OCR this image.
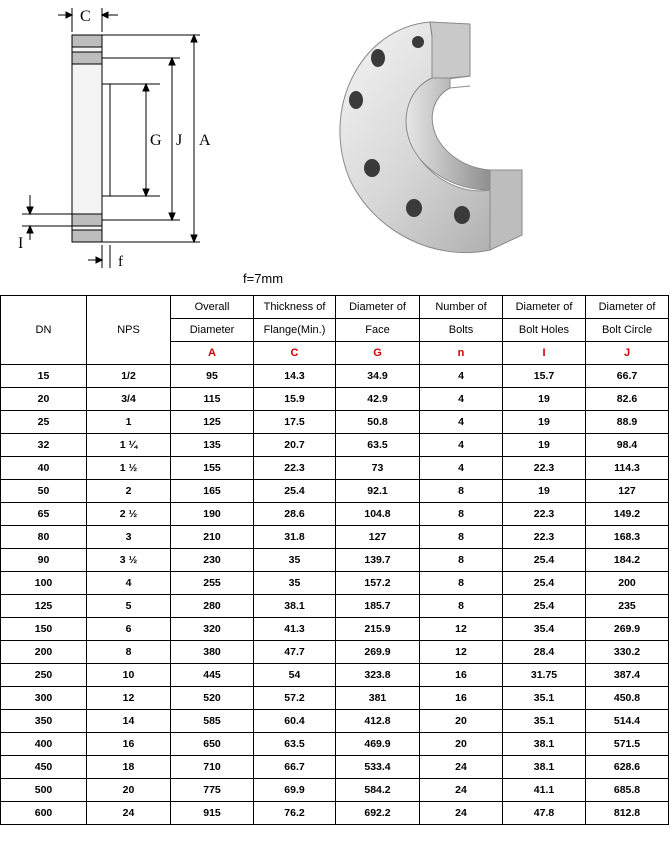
C
G J A
I
f
f=7mm
DN	NPS	Overall	Thickness of	Diameter of	Number of	Diameter of	Diameter of
		Diameter	Flange(Min.)	Face	Bolts	Bolt Holes	Bolt Circle
		A	C	G	n	I	J
15	1/2	95	14.3	34.9	4	15.7	66.7
20	3/4	115	15.9	42.9	4	19	82.6
25	1	125	17.5	50.8	4	19	88.9
32	1 ¼	135	20.7	63.5	4	19	98.4
40	1 ½	155	22.3	73	4	22.3	114.3
50	2	165	25.4	92.1	8	19	127
65	2 ½	190	28.6	104.8	8	22.3	149.2
80	3	210	31.8	127	8	22.3	168.3
90	3 ½	230	35	139.7	8	25.4	184.2
100	4	255	35	157.2	8	25.4	200
125	5	280	38.1	185.7	8	25.4	235
150	6	320	41.3	215.9	12	35.4	269.9
200	8	380	47.7	269.9	12	28.4	330.2
250	10	445	54	323.8	16	31.75	387.4
300	12	520	57.2	381	16	35.1	450.8
350	14	585	60.4	412.8	20	35.1	514.4
400	16	650	63.5	469.9	20	38.1	571.5
450	18	710	66.7	533.4	24	38.1	628.6
500	20	775	69.9	584.2	24	41.1	685.8
600	24	915	76.2	692.2	24	47.8	812.8
